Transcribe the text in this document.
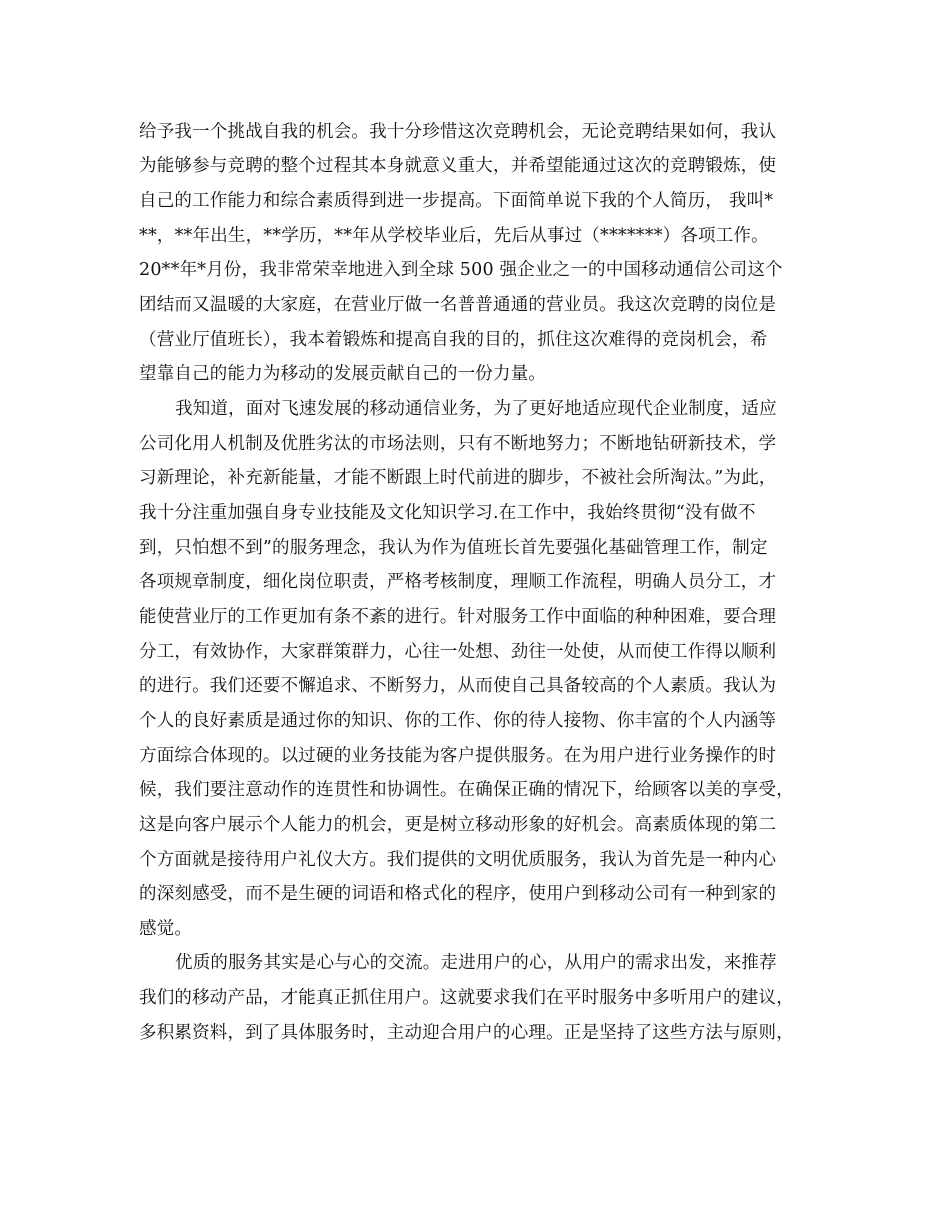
给予我一个挑战自我的机会。我十分珍惜这次竞聘机会，无论竞聘结果如何，我认
为能够参与竞聘的整个过程其本身就意义重大，并希望能通过这次的竞聘锻炼，使
自己的工作能力和综合素质得到进一步提高。下面简单说下我的个人简历， 我叫*
**，**年出生，**学历，**年从学校毕业后，先后从事过（*******）各项工作。
20**年*月份，我非常荣幸地进入到全球 500 强企业之一的中国移动通信公司这个
团结而又温暖的大家庭，在营业厅做一名普普通通的营业员。我这次竞聘的岗位是
（营业厅值班长），我本着锻炼和提高自我的目的，抓住这次难得的竞岗机会，希
望靠自己的能力为移动的发展贡献自己的一份力量。
我知道，面对飞速发展的移动通信业务，为了更好地适应现代企业制度，适应
公司化用人机制及优胜劣汰的市场法则，只有不断地努力；不断地钻研新技术，学
习新理论，补充新能量，才能不断跟上时代前进的脚步，不被社会所淘汰。”为此，
我十分注重加强自身专业技能及文化知识学习.在工作中，我始终贯彻“没有做不
到，只怕想不到”的服务理念，我认为作为值班长首先要强化基础管理工作，制定
各项规章制度，细化岗位职责，严格考核制度，理顺工作流程，明确人员分工，才
能使营业厅的工作更加有条不紊的进行。针对服务工作中面临的种种困难，要合理
分工，有效协作，大家群策群力，心往一处想、劲往一处使，从而使工作得以顺利
的进行。我们还要不懈追求、不断努力，从而使自己具备较高的个人素质。我认为
个人的良好素质是通过你的知识、你的工作、你的待人接物、你丰富的个人内涵等
方面综合体现的。以过硬的业务技能为客户提供服务。在为用户进行业务操作的时
候，我们要注意动作的连贯性和协调性。在确保正确的情况下，给顾客以美的享受，
这是向客户展示个人能力的机会，更是树立移动形象的好机会。高素质体现的第二
个方面就是接待用户礼仪大方。我们提供的文明优质服务，我认为首先是一种内心
的深刻感受，而不是生硬的词语和格式化的程序，使用户到移动公司有一种到家的
感觉。
优质的服务其实是心与心的交流。走进用户的心，从用户的需求出发，来推荐
我们的移动产品，才能真正抓住用户。这就要求我们在平时服务中多听用户的建议，
多积累资料，到了具体服务时，主动迎合用户的心理。正是坚持了这些方法与原则，
